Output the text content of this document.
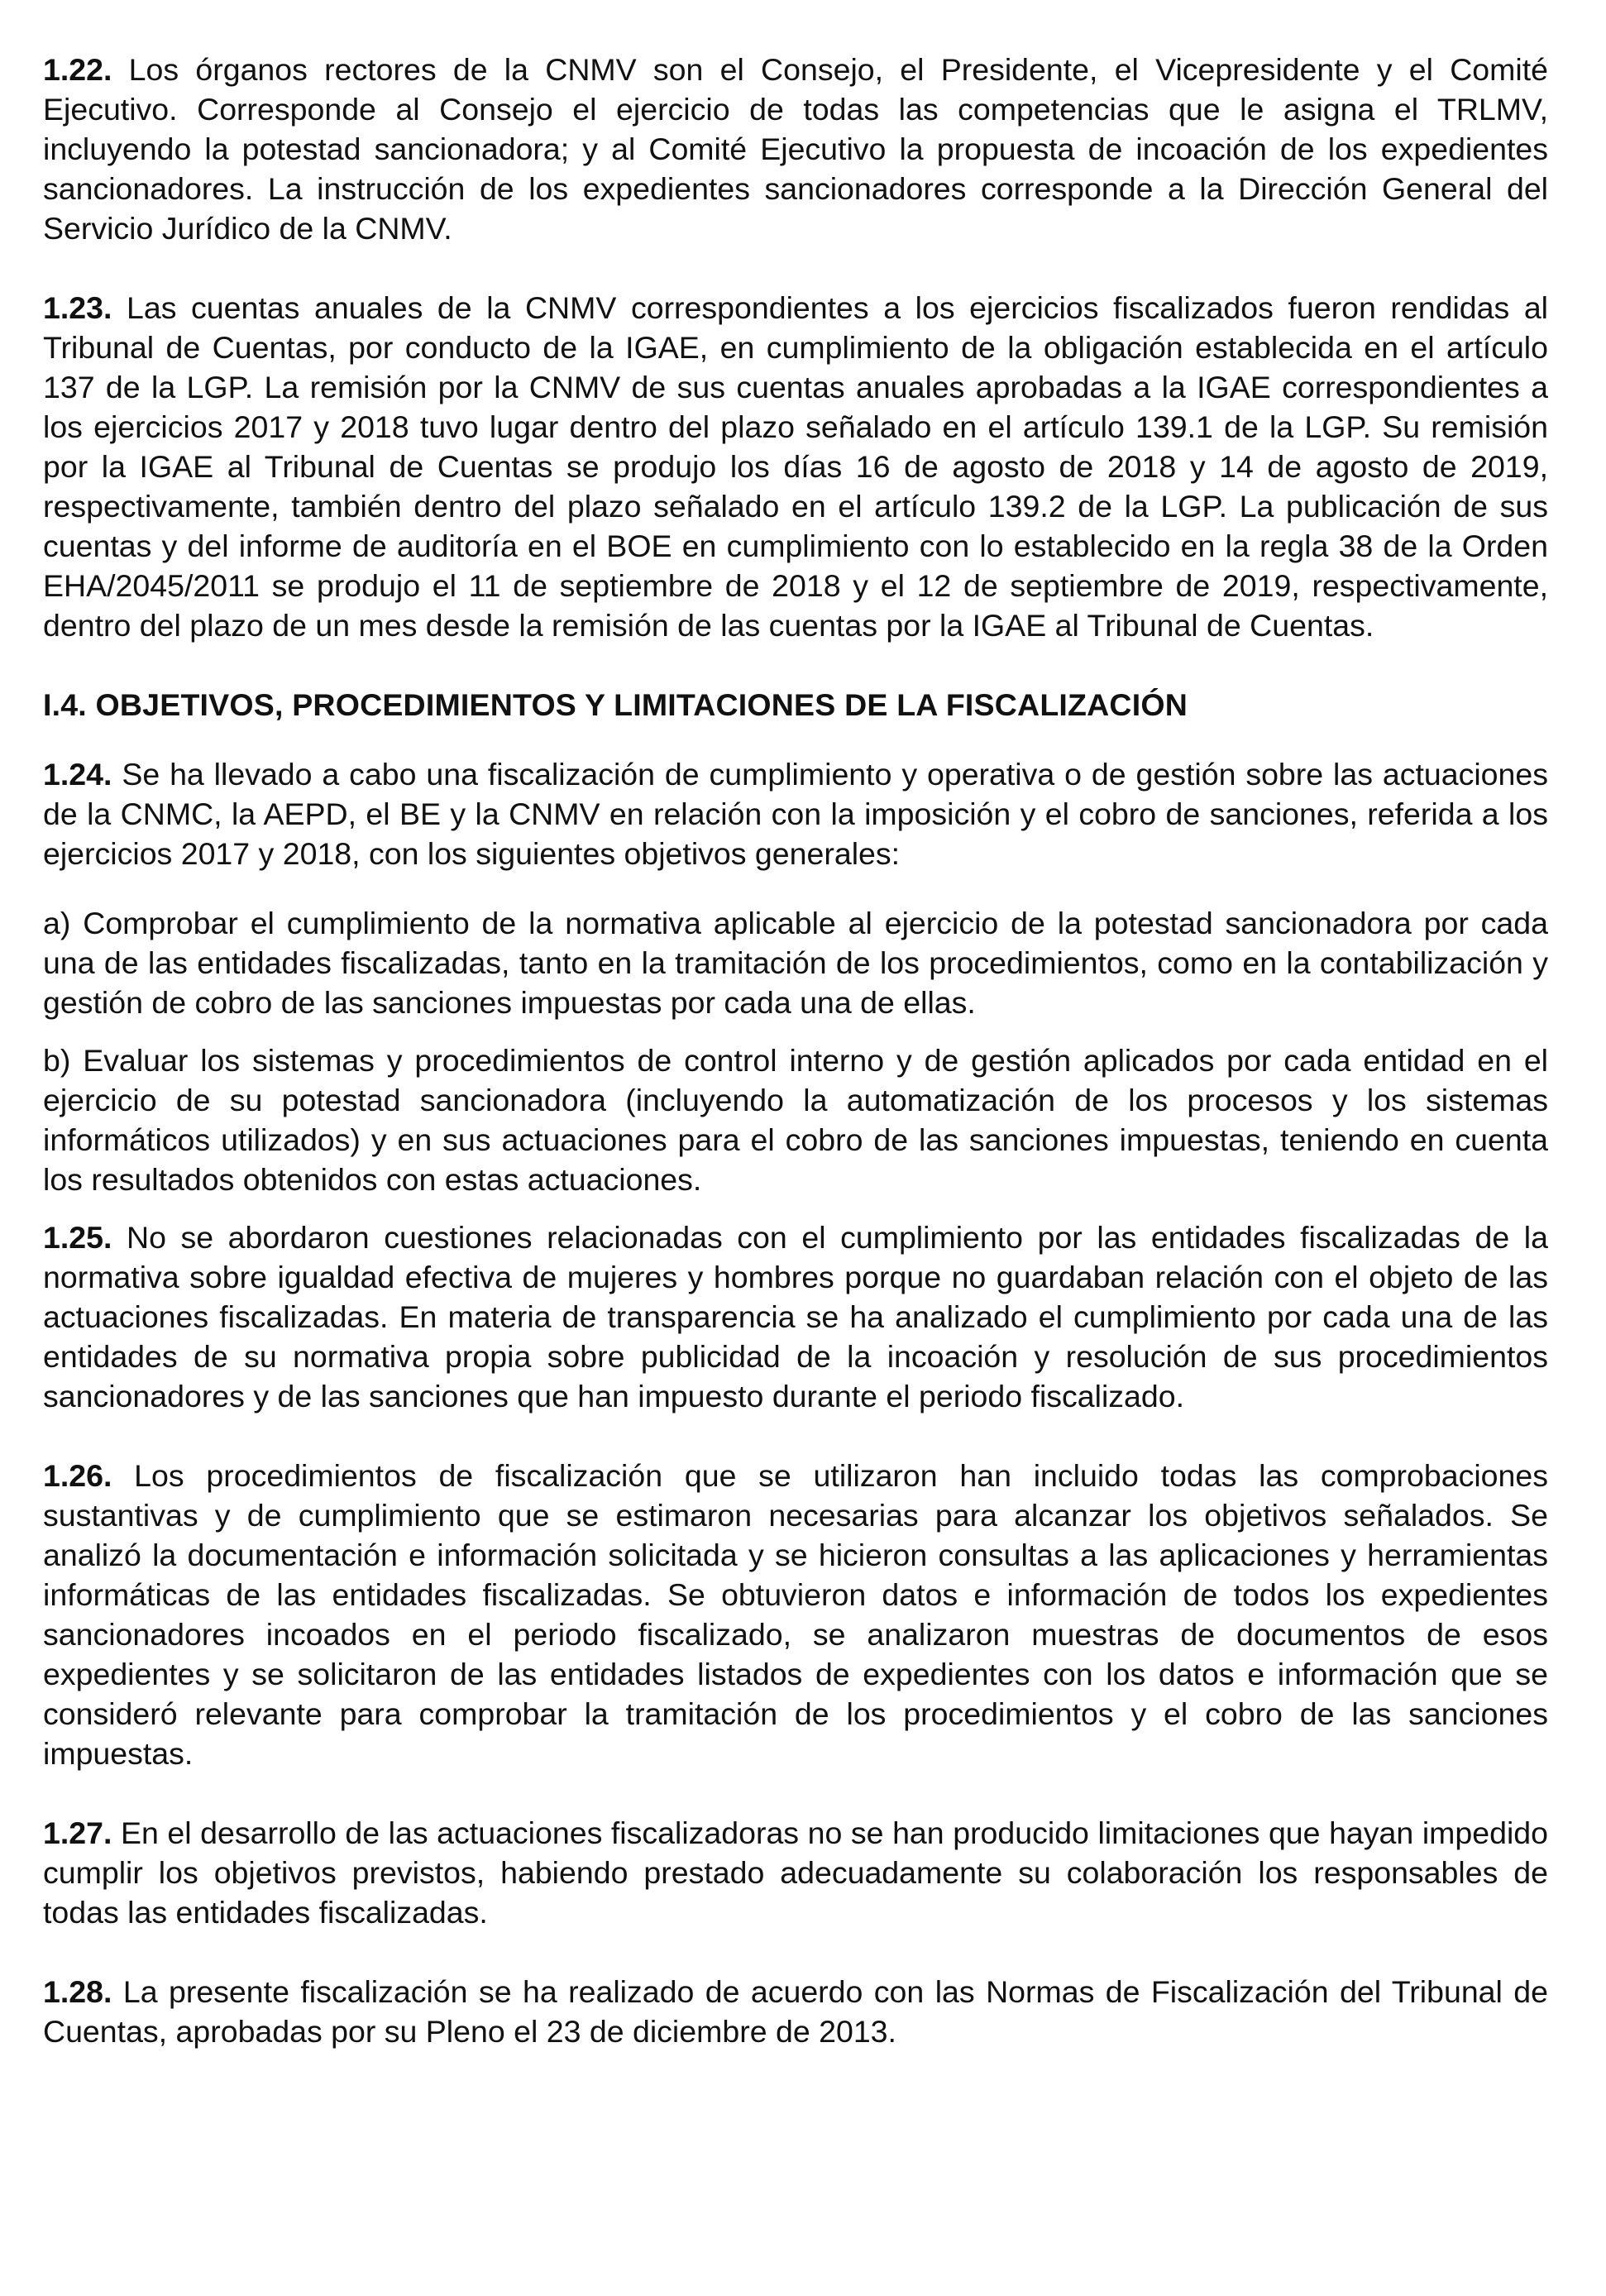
1.22. Los órganos rectores de la CNMV son el Consejo, el Presidente, el Vicepresidente y el Comité Ejecutivo. Corresponde al Consejo el ejercicio de todas las competencias que le asigna el TRLMV, incluyendo la potestad sancionadora; y al Comité Ejecutivo la propuesta de incoación de los expedientes sancionadores. La instrucción de los expedientes sancionadores corresponde a la Dirección General del Servicio Jurídico de la CNMV.

1.23. Las cuentas anuales de la CNMV correspondientes a los ejercicios fiscalizados fueron rendidas al Tribunal de Cuentas, por conducto de la IGAE, en cumplimiento de la obligación establecida en el artículo 137 de la LGP. La remisión por la CNMV de sus cuentas anuales aprobadas a la IGAE correspondientes a los ejercicios 2017 y 2018 tuvo lugar dentro del plazo señalado en el artículo 139.1 de la LGP. Su remisión por la IGAE al Tribunal de Cuentas se produjo los días 16 de agosto de 2018 y 14 de agosto de 2019, respectivamente, también dentro del plazo señalado en el artículo 139.2 de la LGP. La publicación de sus cuentas y del informe de auditoría en el BOE en cumplimiento con lo establecido en la regla 38 de la Orden EHA/2045/2011 se produjo el 11 de septiembre de 2018 y el 12 de septiembre de 2019, respectivamente, dentro del plazo de un mes desde la remisión de las cuentas por la IGAE al Tribunal de Cuentas.

I.4. OBJETIVOS, PROCEDIMIENTOS Y LIMITACIONES DE LA FISCALIZACIÓN

1.24. Se ha llevado a cabo una fiscalización de cumplimiento y operativa o de gestión sobre las actuaciones de la CNMC, la AEPD, el BE y la CNMV en relación con la imposición y el cobro de sanciones, referida a los ejercicios 2017 y 2018, con los siguientes objetivos generales:

a) Comprobar el cumplimiento de la normativa aplicable al ejercicio de la potestad sancionadora por cada una de las entidades fiscalizadas, tanto en la tramitación de los procedimientos, como en la contabilización y gestión de cobro de las sanciones impuestas por cada una de ellas.

b) Evaluar los sistemas y procedimientos de control interno y de gestión aplicados por cada entidad en el ejercicio de su potestad sancionadora (incluyendo la automatización de los procesos y los sistemas informáticos utilizados) y en sus actuaciones para el cobro de las sanciones impuestas, teniendo en cuenta los resultados obtenidos con estas actuaciones.

1.25. No se abordaron cuestiones relacionadas con el cumplimiento por las entidades fiscalizadas de la normativa sobre igualdad efectiva de mujeres y hombres porque no guardaban relación con el objeto de las actuaciones fiscalizadas. En materia de transparencia se ha analizado el cumplimiento por cada una de las entidades de su normativa propia sobre publicidad de la incoación y resolución de sus procedimientos sancionadores y de las sanciones que han impuesto durante el periodo fiscalizado.

1.26. Los procedimientos de fiscalización que se utilizaron han incluido todas las comprobaciones sustantivas y de cumplimiento que se estimaron necesarias para alcanzar los objetivos señalados. Se analizó la documentación e información solicitada y se hicieron consultas a las aplicaciones y herramientas informáticas de las entidades fiscalizadas. Se obtuvieron datos e información de todos los expedientes sancionadores incoados en el periodo fiscalizado, se analizaron muestras de documentos de esos expedientes y se solicitaron de las entidades listados de expedientes con los datos e información que se consideró relevante para comprobar la tramitación de los procedimientos y el cobro de las sanciones impuestas.

1.27. En el desarrollo de las actuaciones fiscalizadoras no se han producido limitaciones que hayan impedido cumplir los objetivos previstos, habiendo prestado adecuadamente su colaboración los responsables de todas las entidades fiscalizadas.

1.28. La presente fiscalización se ha realizado de acuerdo con las Normas de Fiscalización del Tribunal de Cuentas, aprobadas por su Pleno el 23 de diciembre de 2013.
